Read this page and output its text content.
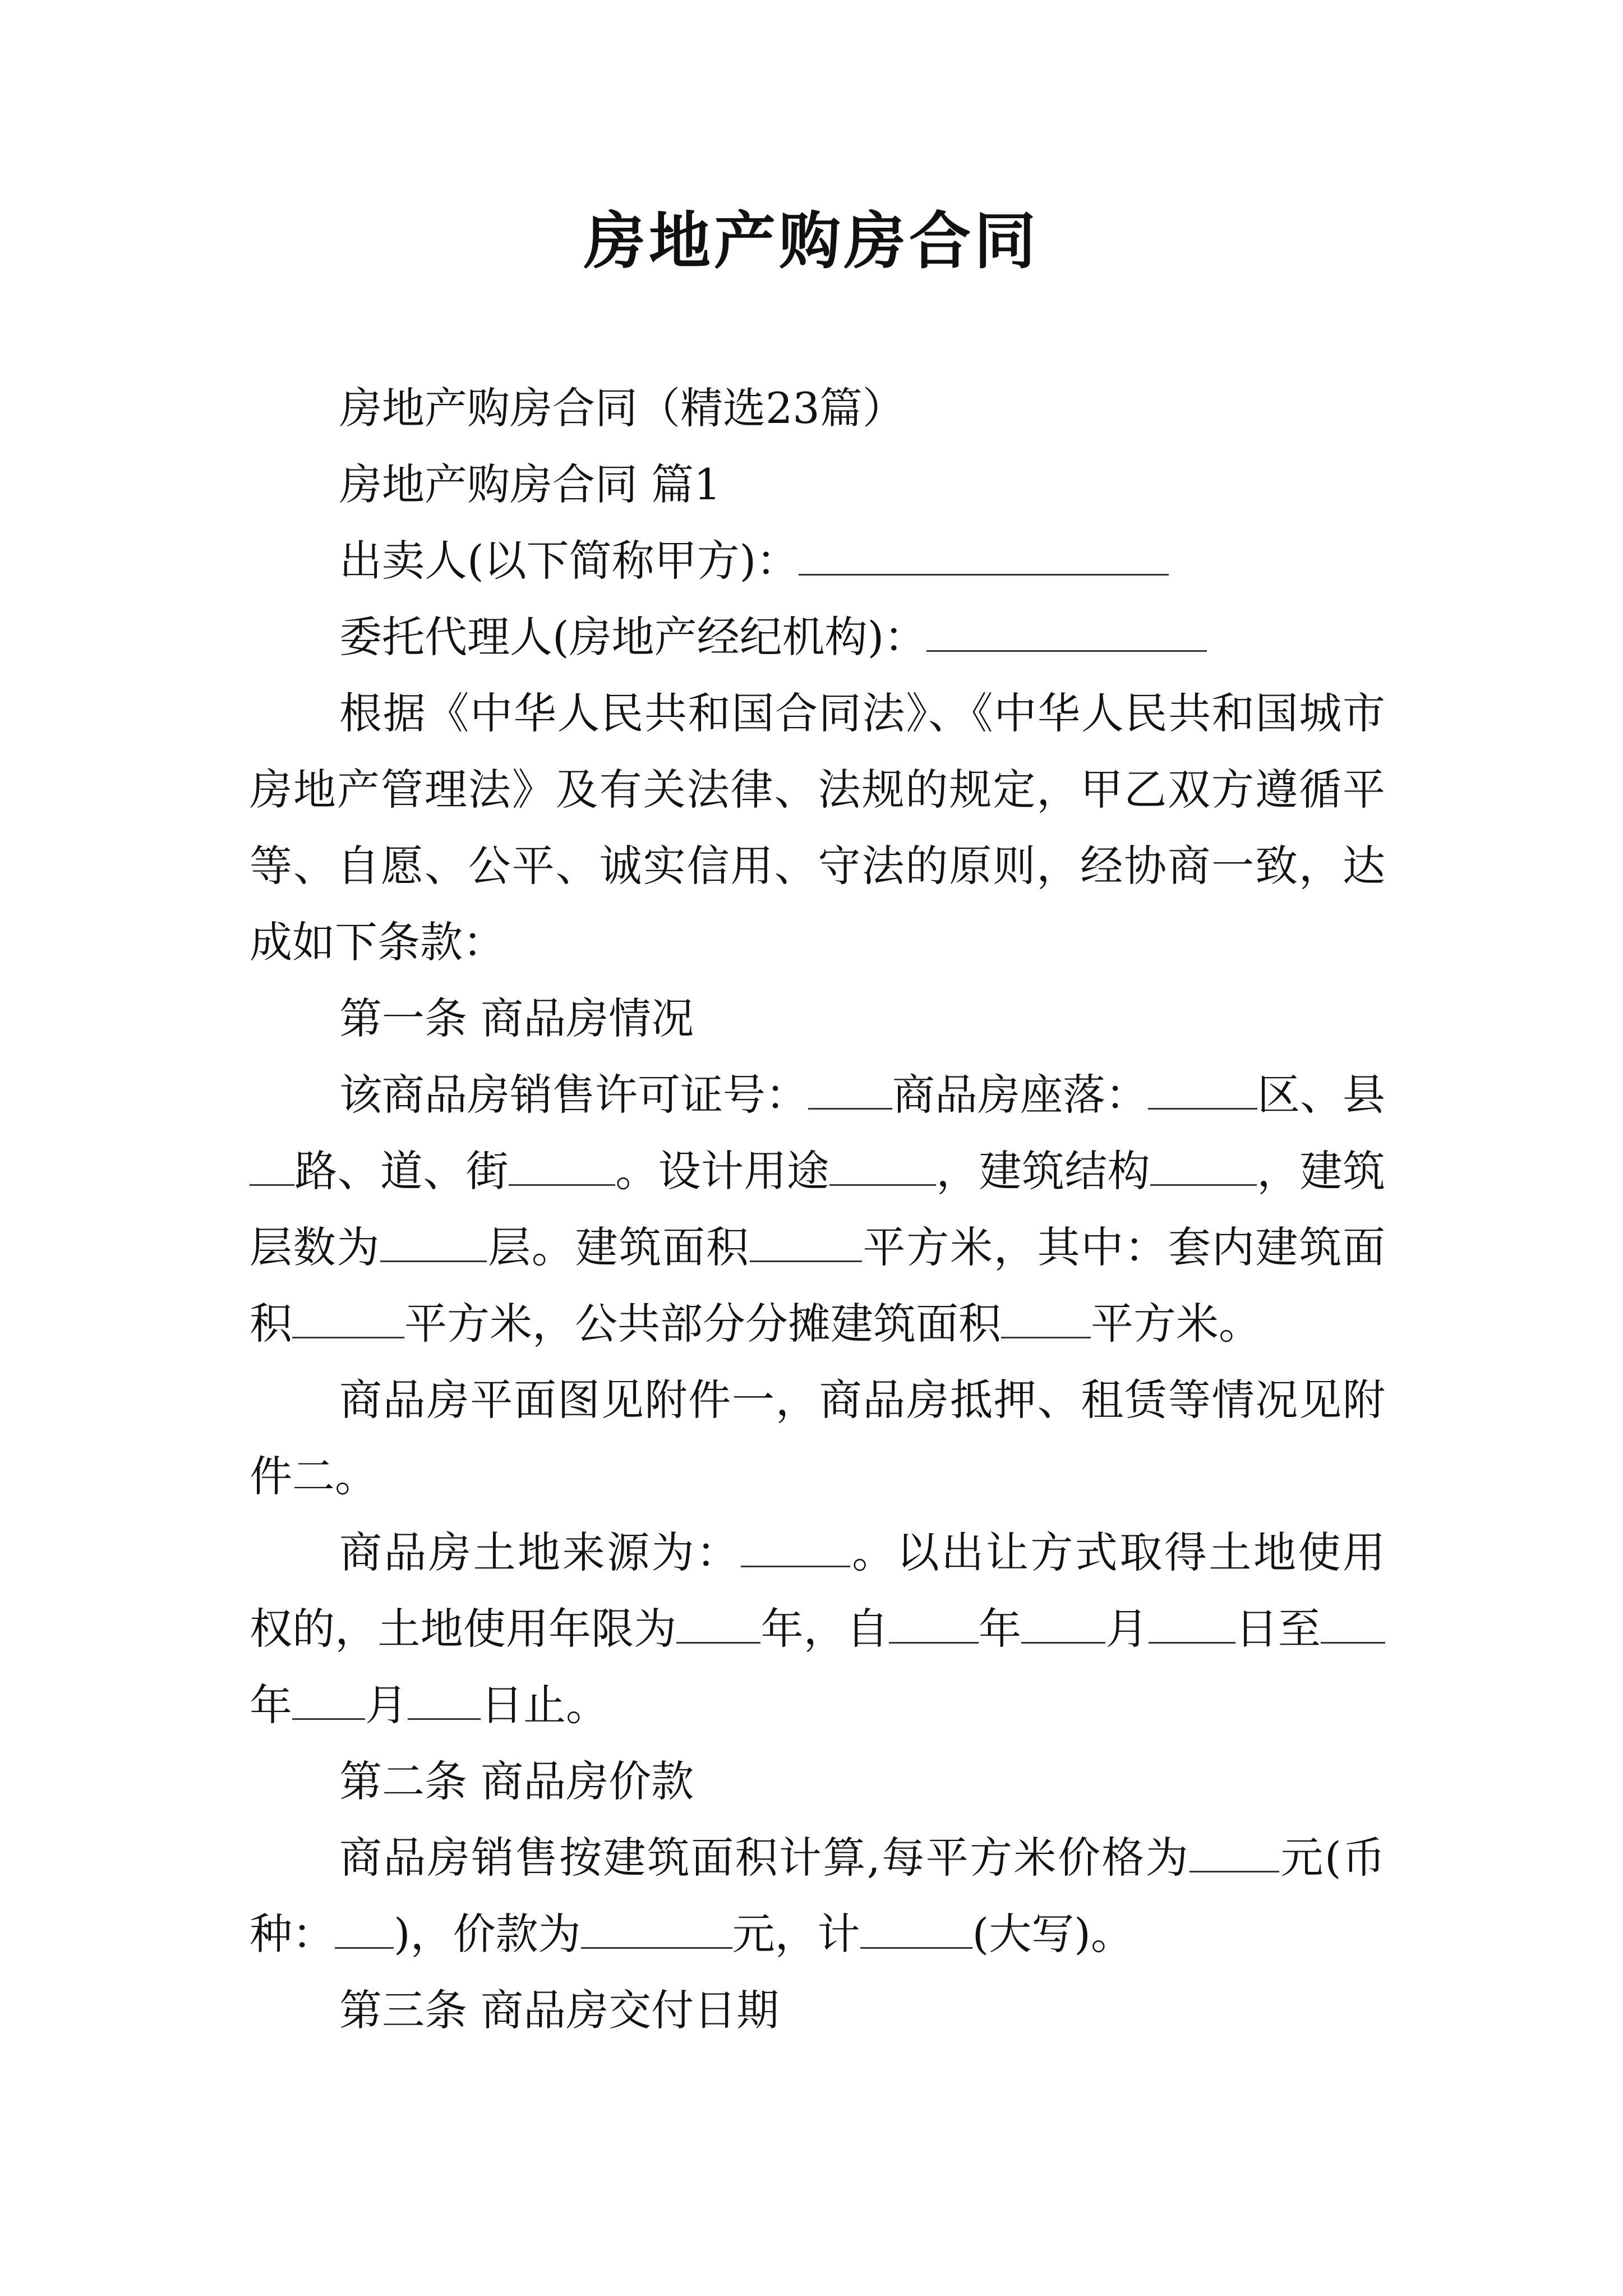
房地产购房合同

房地产购房合同（精选23篇）

房地产购房合同 篇1

出卖人(以下简称甲方)：

委托代理人(房地产经纪机构)：

根据《中华人民共和国合同法》、《中华人民共和国城市房地产管理法》及有关法律、法规的规定，甲乙双方遵循平等、自愿、公平、诚实信用、守法的原则，经协商一致，达成如下条款：

第一条 商品房情况

该商品房销售许可证号： 商品房座落：	区、县路、道、街	。设计用途	，建筑结构	，建筑层数为	层。建筑面积	平方米，其中：套内建筑面积	平方米，公共部分分摊建筑面积 平方米。

商品房平面图见附件一，商品房抵押、租赁等情况见附件二。

商品房土地来源为：	。以出让方式取得土地使用权的，土地使用年限为 年，自 年 月 日至年 月 日止。

第二条 商品房价款

商品房销售按建筑面积计算,每平方米价格为 元(币种： )，价款为	元，计	(大写)。

第三条 商品房交付日期
